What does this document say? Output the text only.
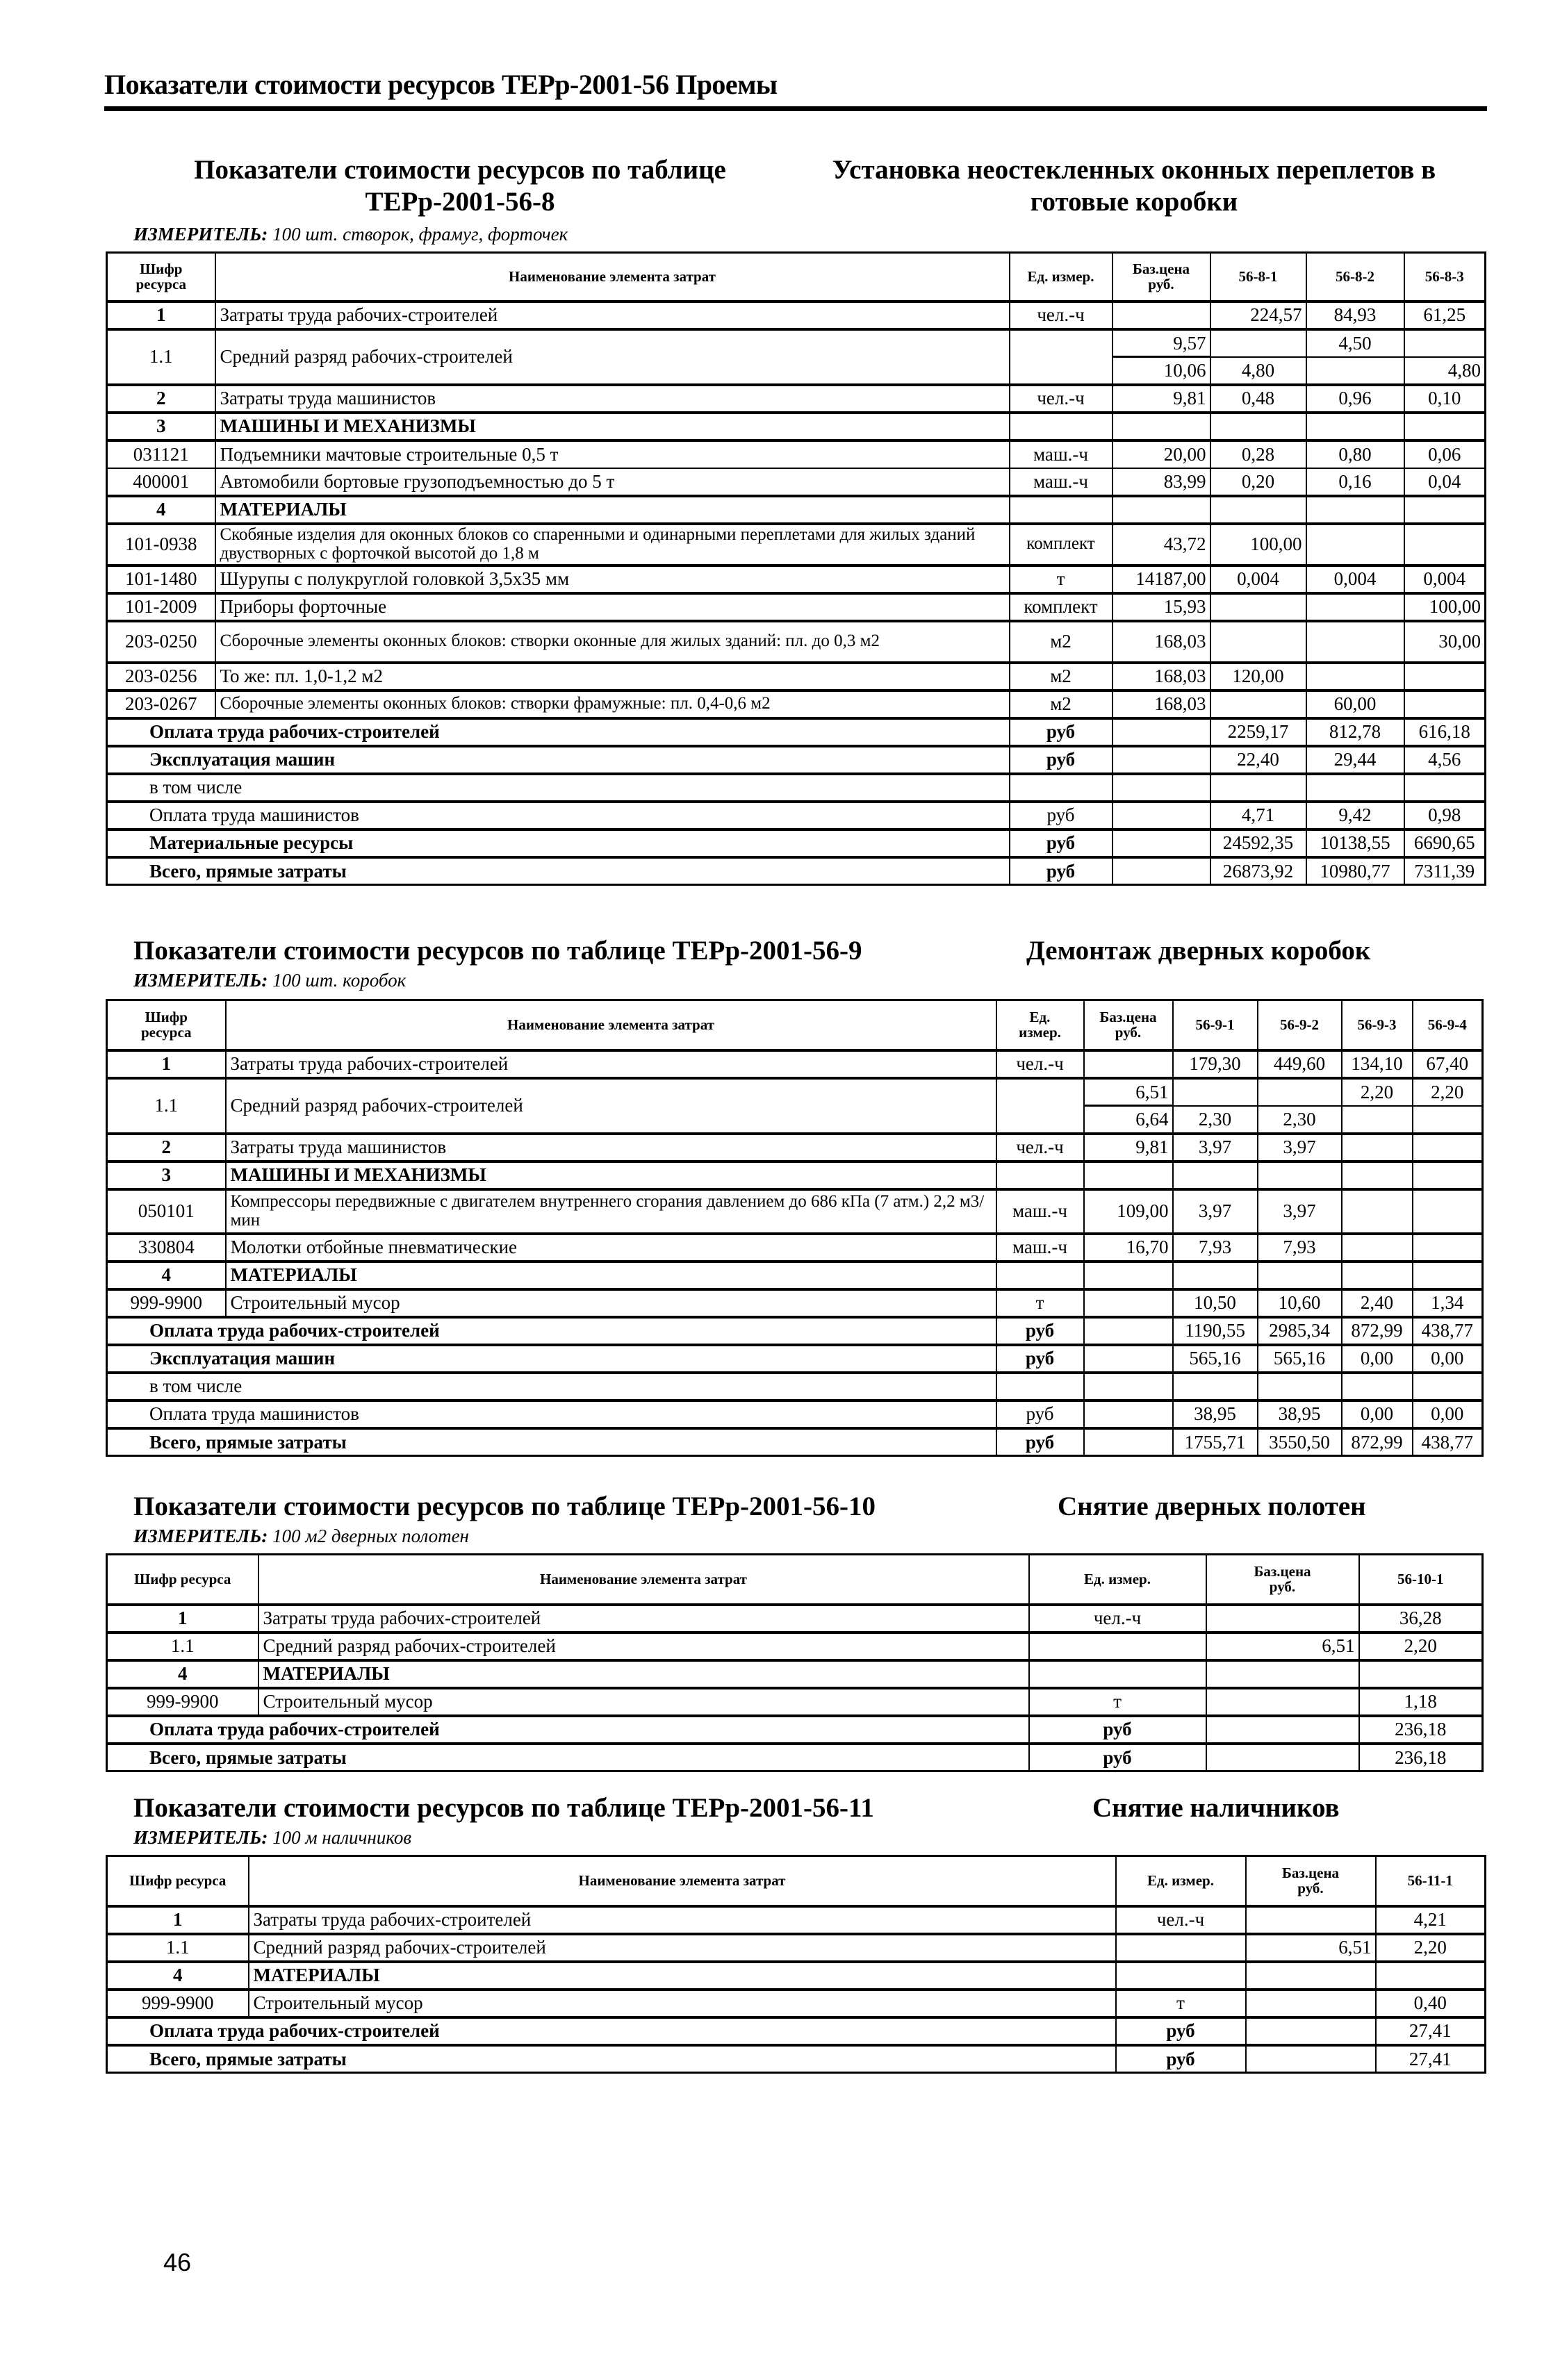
Показатели стоимости ресурсов ТЕРр-2001-56 Проемы
Показатели стоимости ресурсов по таблице
ТЕРр-2001-56-8
Установка неостекленных оконных переплетов в
готовые коробки
ИЗМЕРИТЕЛЬ: 100 шт. створок, фрамуг, форточек
Шифр
ресурса	Наименование элемента затрат	Ед. измер.	Баз.цена
руб.	56-8-1	56-8-2	56-8-3
1	Затраты труда рабочих-строителей	чел.-ч		224,57	84,93	61,25
1.1	Средний разряд рабочих-строителей		9,57		4,50	
			10,06	4,80		4,80
2	Затраты труда машинистов	чел.-ч	9,81	0,48	0,96	0,10
3	МАШИНЫ И МЕХАНИЗМЫ					
031121	Подъемники мачтовые строительные 0,5 т	маш.-ч	20,00	0,28	0,80	0,06
400001	Автомобили бортовые грузоподъемностью до 5 т	маш.-ч	83,99	0,20	0,16	0,04
4	МАТЕРИАЛЫ					
101-0938	Скобяные изделия для оконных блоков со спаренными и одинарными переплетами для жилых зданий двустворных с форточкой высотой до 1,8 м	комплект	43,72	100,00		
101-1480	Шурупы с полукруглой головкой 3,5x35 мм	т	14187,00	0,004	0,004	0,004
101-2009	Приборы форточные	комплект	15,93			100,00
203-0250	Сборочные элементы оконных блоков: створки оконные для жилых зданий: пл. до 0,3 м2	м2	168,03			30,00
203-0256	То же: пл. 1,0-1,2 м2	м2	168,03	120,00		
203-0267	Сборочные элементы оконных блоков: створки фрамужные: пл. 0,4-0,6 м2	м2	168,03		60,00	
Оплата труда рабочих-строителей		руб		2259,17	812,78	616,18
Эксплуатация машин		руб		22,40	29,44	4,56
в том числе						
Оплата труда машинистов		руб		4,71	9,42	0,98
Материальные ресурсы		руб		24592,35	10138,55	6690,65
Всего, прямые затраты		руб		26873,92	10980,77	7311,39
Показатели стоимости ресурсов по таблице ТЕРр-2001-56-9	Демонтаж дверных коробок
ИЗМЕРИТЕЛЬ: 100 шт. коробок
Шифр
ресурса	Наименование элемента затрат	Ед.
измер.	Баз.цена
руб.	56-9-1	56-9-2	56-9-3	56-9-4
1	Затраты труда рабочих-строителей	чел.-ч		179,30	449,60	134,10	67,40
1.1	Средний разряд рабочих-строителей		6,51			2,20	2,20
			6,64	2,30	2,30		
2	Затраты труда машинистов	чел.-ч	9,81	3,97	3,97		
3	МАШИНЫ И МЕХАНИЗМЫ						
050101	Компрессоры передвижные с двигателем внутреннего сгорания давлением до 686 кПа (7 атм.) 2,2 м3/мин	маш.-ч	109,00	3,97	3,97		
330804	Молотки отбойные пневматические	маш.-ч	16,70	7,93	7,93		
4	МАТЕРИАЛЫ						
999-9900	Строительный мусор	т		10,50	10,60	2,40	1,34
Оплата труда рабочих-строителей		руб		1190,55	2985,34	872,99	438,77
Эксплуатация машин		руб		565,16	565,16	0,00	0,00
в том числе							
Оплата труда машинистов		руб		38,95	38,95	0,00	0,00
Всего, прямые затраты		руб		1755,71	3550,50	872,99	438,77
Показатели стоимости ресурсов по таблице ТЕРр-2001-56-10	Снятие дверных полотен
ИЗМЕРИТЕЛЬ: 100 м2 дверных полотен
Шифр ресурса	Наименование элемента затрат	Ед. измер.	Баз.цена
руб.	56-10-1
1	Затраты труда рабочих-строителей	чел.-ч		36,28
1.1	Средний разряд рабочих-строителей		6,51	2,20
4	МАТЕРИАЛЫ			
999-9900	Строительный мусор	т		1,18
Оплата труда рабочих-строителей		руб		236,18
Всего, прямые затраты		руб		236,18
Показатели стоимости ресурсов по таблице ТЕРр-2001-56-11	Снятие наличников
ИЗМЕРИТЕЛЬ: 100 м наличников
Шифр ресурса	Наименование элемента затрат	Ед. измер.	Баз.цена
руб.	56-11-1
1	Затраты труда рабочих-строителей	чел.-ч		4,21
1.1	Средний разряд рабочих-строителей		6,51	2,20
4	МАТЕРИАЛЫ			
999-9900	Строительный мусор	т		0,40
Оплата труда рабочих-строителей		руб		27,41
Всего, прямые затраты		руб		27,41
46
